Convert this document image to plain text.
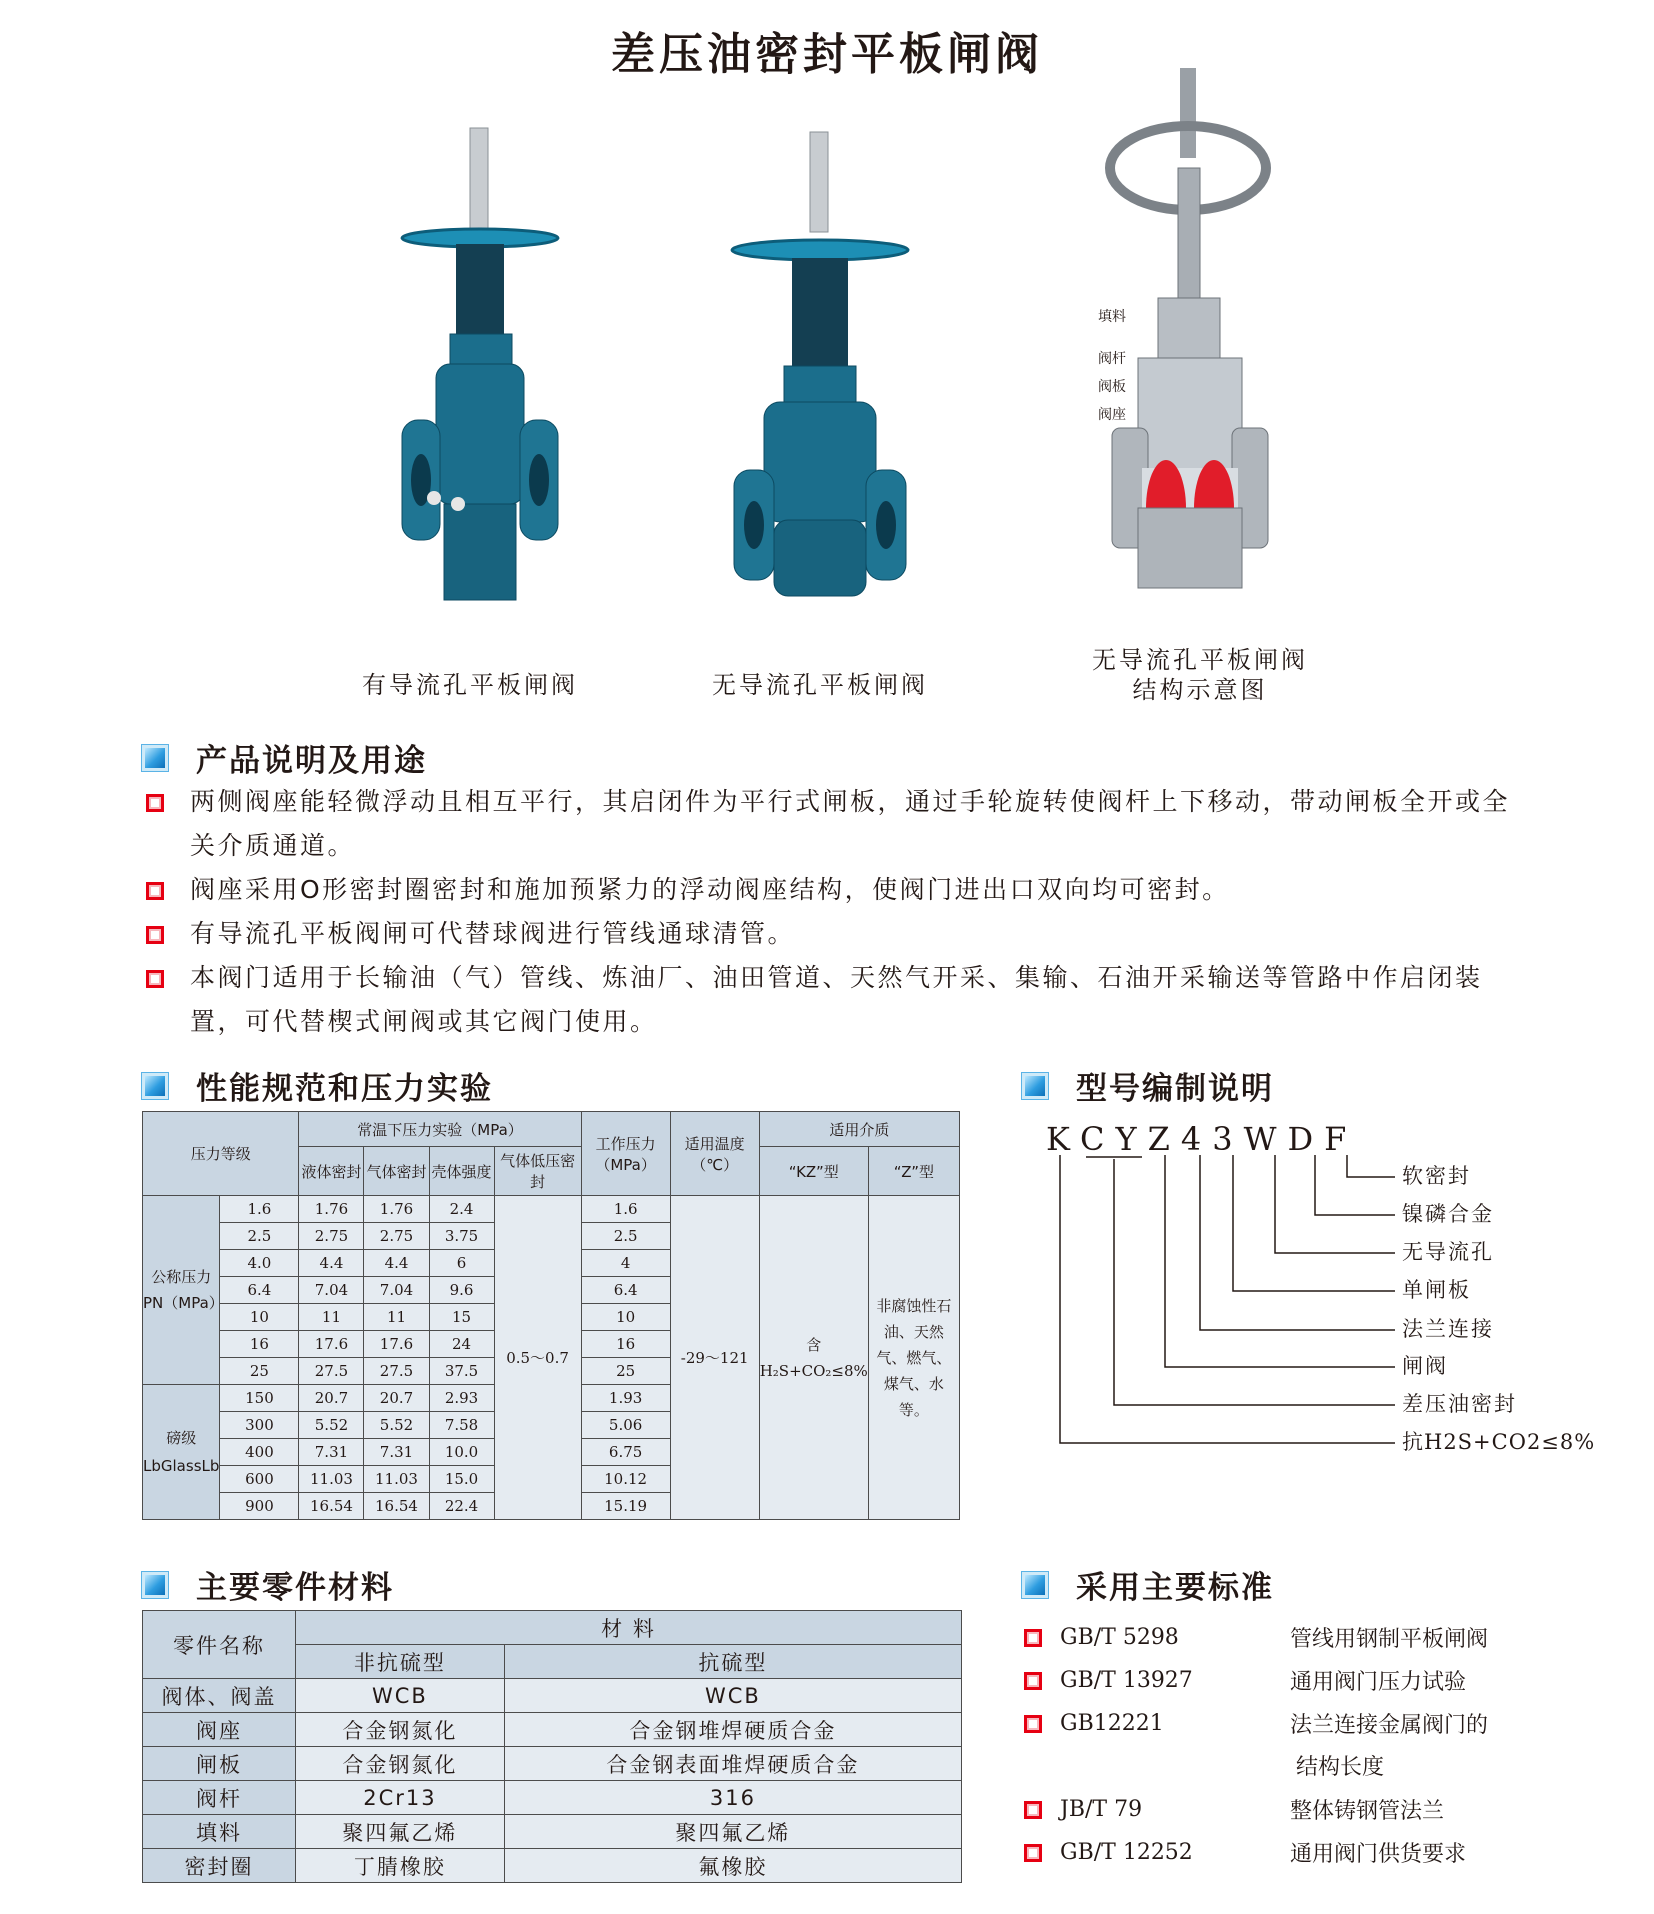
差压油密封平板闸阀
填料
阀杆
阀板
阀座
有导流孔平板闸阀	无导流孔平板闸阀
无导流孔平板闸阀
结构示意图
产品说明及用途
两侧阀座能轻微浮动且相互平行，其启闭件为平行式闸板，通过手轮旋转使阀杆上下移动，带动闸板全开或全关介质通道。
阀座采用O形密封圈密封和施加预紧力的浮动阀座结构，使阀门进出口双向均可密封。
有导流孔平板阀闸可代替球阀进行管线通球清管。
本阀门适用于长输油（气）管线、炼油厂、油田管道、天然气开采、集输、石油开采输送等管路中作启闭装置，可代替楔式闸阀或其它阀门使用。
性能规范和压力实验
压力等级		常温下压力实验（MPa）				工作压力（MPa）	适用温度（℃）	适用介质	
		液体密封	气体密封	壳体强度	气体低压密封			“KZ”型	“Z”型
公称压力PN（MPa）	1.6	1.76	1.76	2.4	0.5～0.7	1.6	-29～121	含H₂S+CO₂≤8%	非腐蚀性石油、天然气、燃气、煤气、水等。
	2.5	2.75	2.75	3.75		2.5			
	4.0	4.4	4.4	6		4			
	6.4	7.04	7.04	9.6		6.4			
	10	11	11	15		10			
	16	17.6	17.6	24		16			
	25	27.5	27.5	37.5		25			
磅级LbGlassLb	150	20.7	20.7	2.93		1.93			
	300	5.52	5.52	7.58		5.06			
	400	7.31	7.31	10.0		6.75			
	600	11.03	11.03	15.0		10.12			
	900	16.54	16.54	22.4		15.19			
型号编制说明
KCYZ43WDF
软密封
镍磷合金
无导流孔
单闸板
法兰连接
闸阀
差压油密封
抗H2S+CO2≤8%
主要零件材料
零件名称	材 料	
	非抗硫型	抗硫型
阀体、阀盖	WCB	WCB
阀座	合金钢氮化	合金钢堆焊硬质合金
闸板	合金钢氮化	合金钢表面堆焊硬质合金
阀杆	2Cr13	316
填料	聚四氟乙烯	聚四氟乙烯
密封圈	丁腈橡胶	氟橡胶
采用主要标准
GB/T 5298	管线用钢制平板闸阀
GB/T 13927	通用阀门压力试验
GB12221	法兰连接金属阀门的
结构长度
JB/T 79	整体铸钢管法兰
GB/T 12252	通用阀门供货要求
